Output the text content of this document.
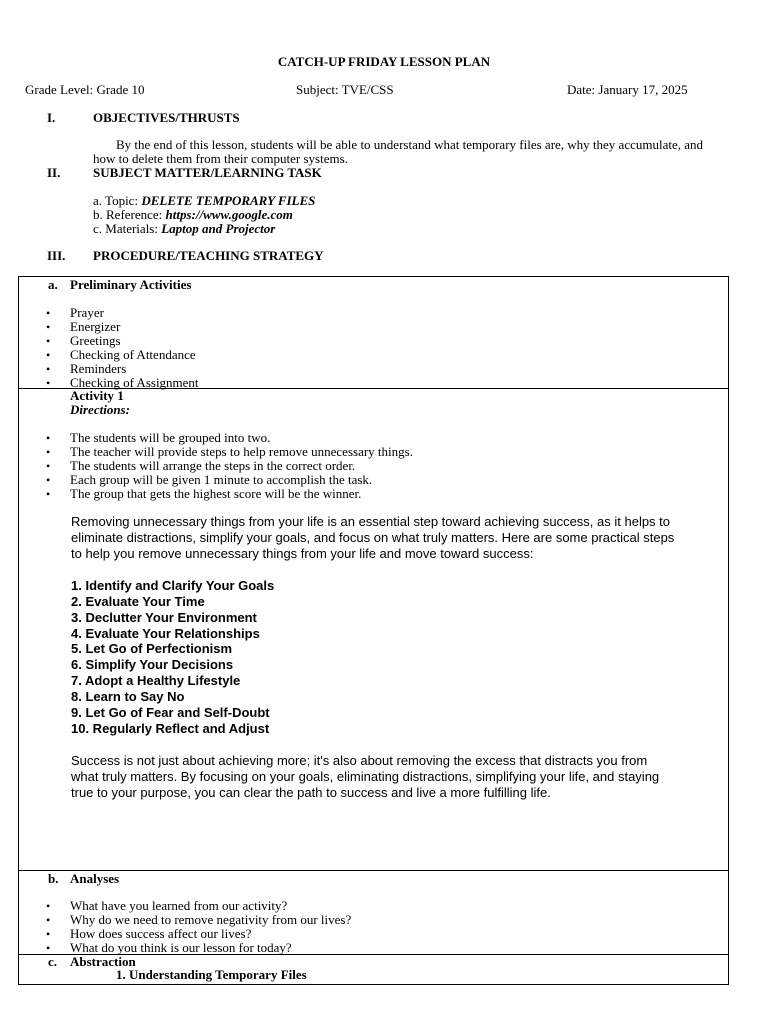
CATCH-UP FRIDAY LESSON PLAN
Grade Level: Grade 10	Subject: TVE/CSS	Date: January 17, 2025
I.	OBJECTIVES/THRUSTS
By the end of this lesson, students will be able to understand what temporary files are, why they accumulate, and
how to delete them from their computer systems.
II.	SUBJECT MATTER/LEARNING TASK
a. Topic: DELETE TEMPORARY FILES
b. Reference: https://www.google.com
c. Materials: Laptop and Projector
III. PROCEDURE/TEACHING STRATEGY
a. Preliminary Activities
• Prayer
• Energizer
• Greetings
• Checking of Attendance
• Reminders
• Checking of Assignment
Activity 1
Directions:
• The students will be grouped into two.
• The teacher will provide steps to help remove unnecessary things.
• The students will arrange the steps in the correct order.
• Each group will be given 1 minute to accomplish the task.
• The group that gets the highest score will be the winner.
Removing unnecessary things from your life is an essential step toward achieving success, as it helps to
eliminate distractions, simplify your goals, and focus on what truly matters. Here are some practical steps
to help you remove unnecessary things from your life and move toward success:
1. Identify and Clarify Your Goals
2. Evaluate Your Time
3. Declutter Your Environment
4. Evaluate Your Relationships
5. Let Go of Perfectionism
6. Simplify Your Decisions
7. Adopt a Healthy Lifestyle
8. Learn to Say No
9. Let Go of Fear and Self-Doubt
10. Regularly Reflect and Adjust
Success is not just about achieving more; it's also about removing the excess that distracts you from
what truly matters. By focusing on your goals, eliminating distractions, simplifying your life, and staying
true to your purpose, you can clear the path to success and live a more fulfilling life.
b. Analyses
• What have you learned from our activity?
• Why do we need to remove negativity from our lives?
• How does success affect our lives?
• What do you think is our lesson for today?
c. Abstraction
1. Understanding Temporary Files
